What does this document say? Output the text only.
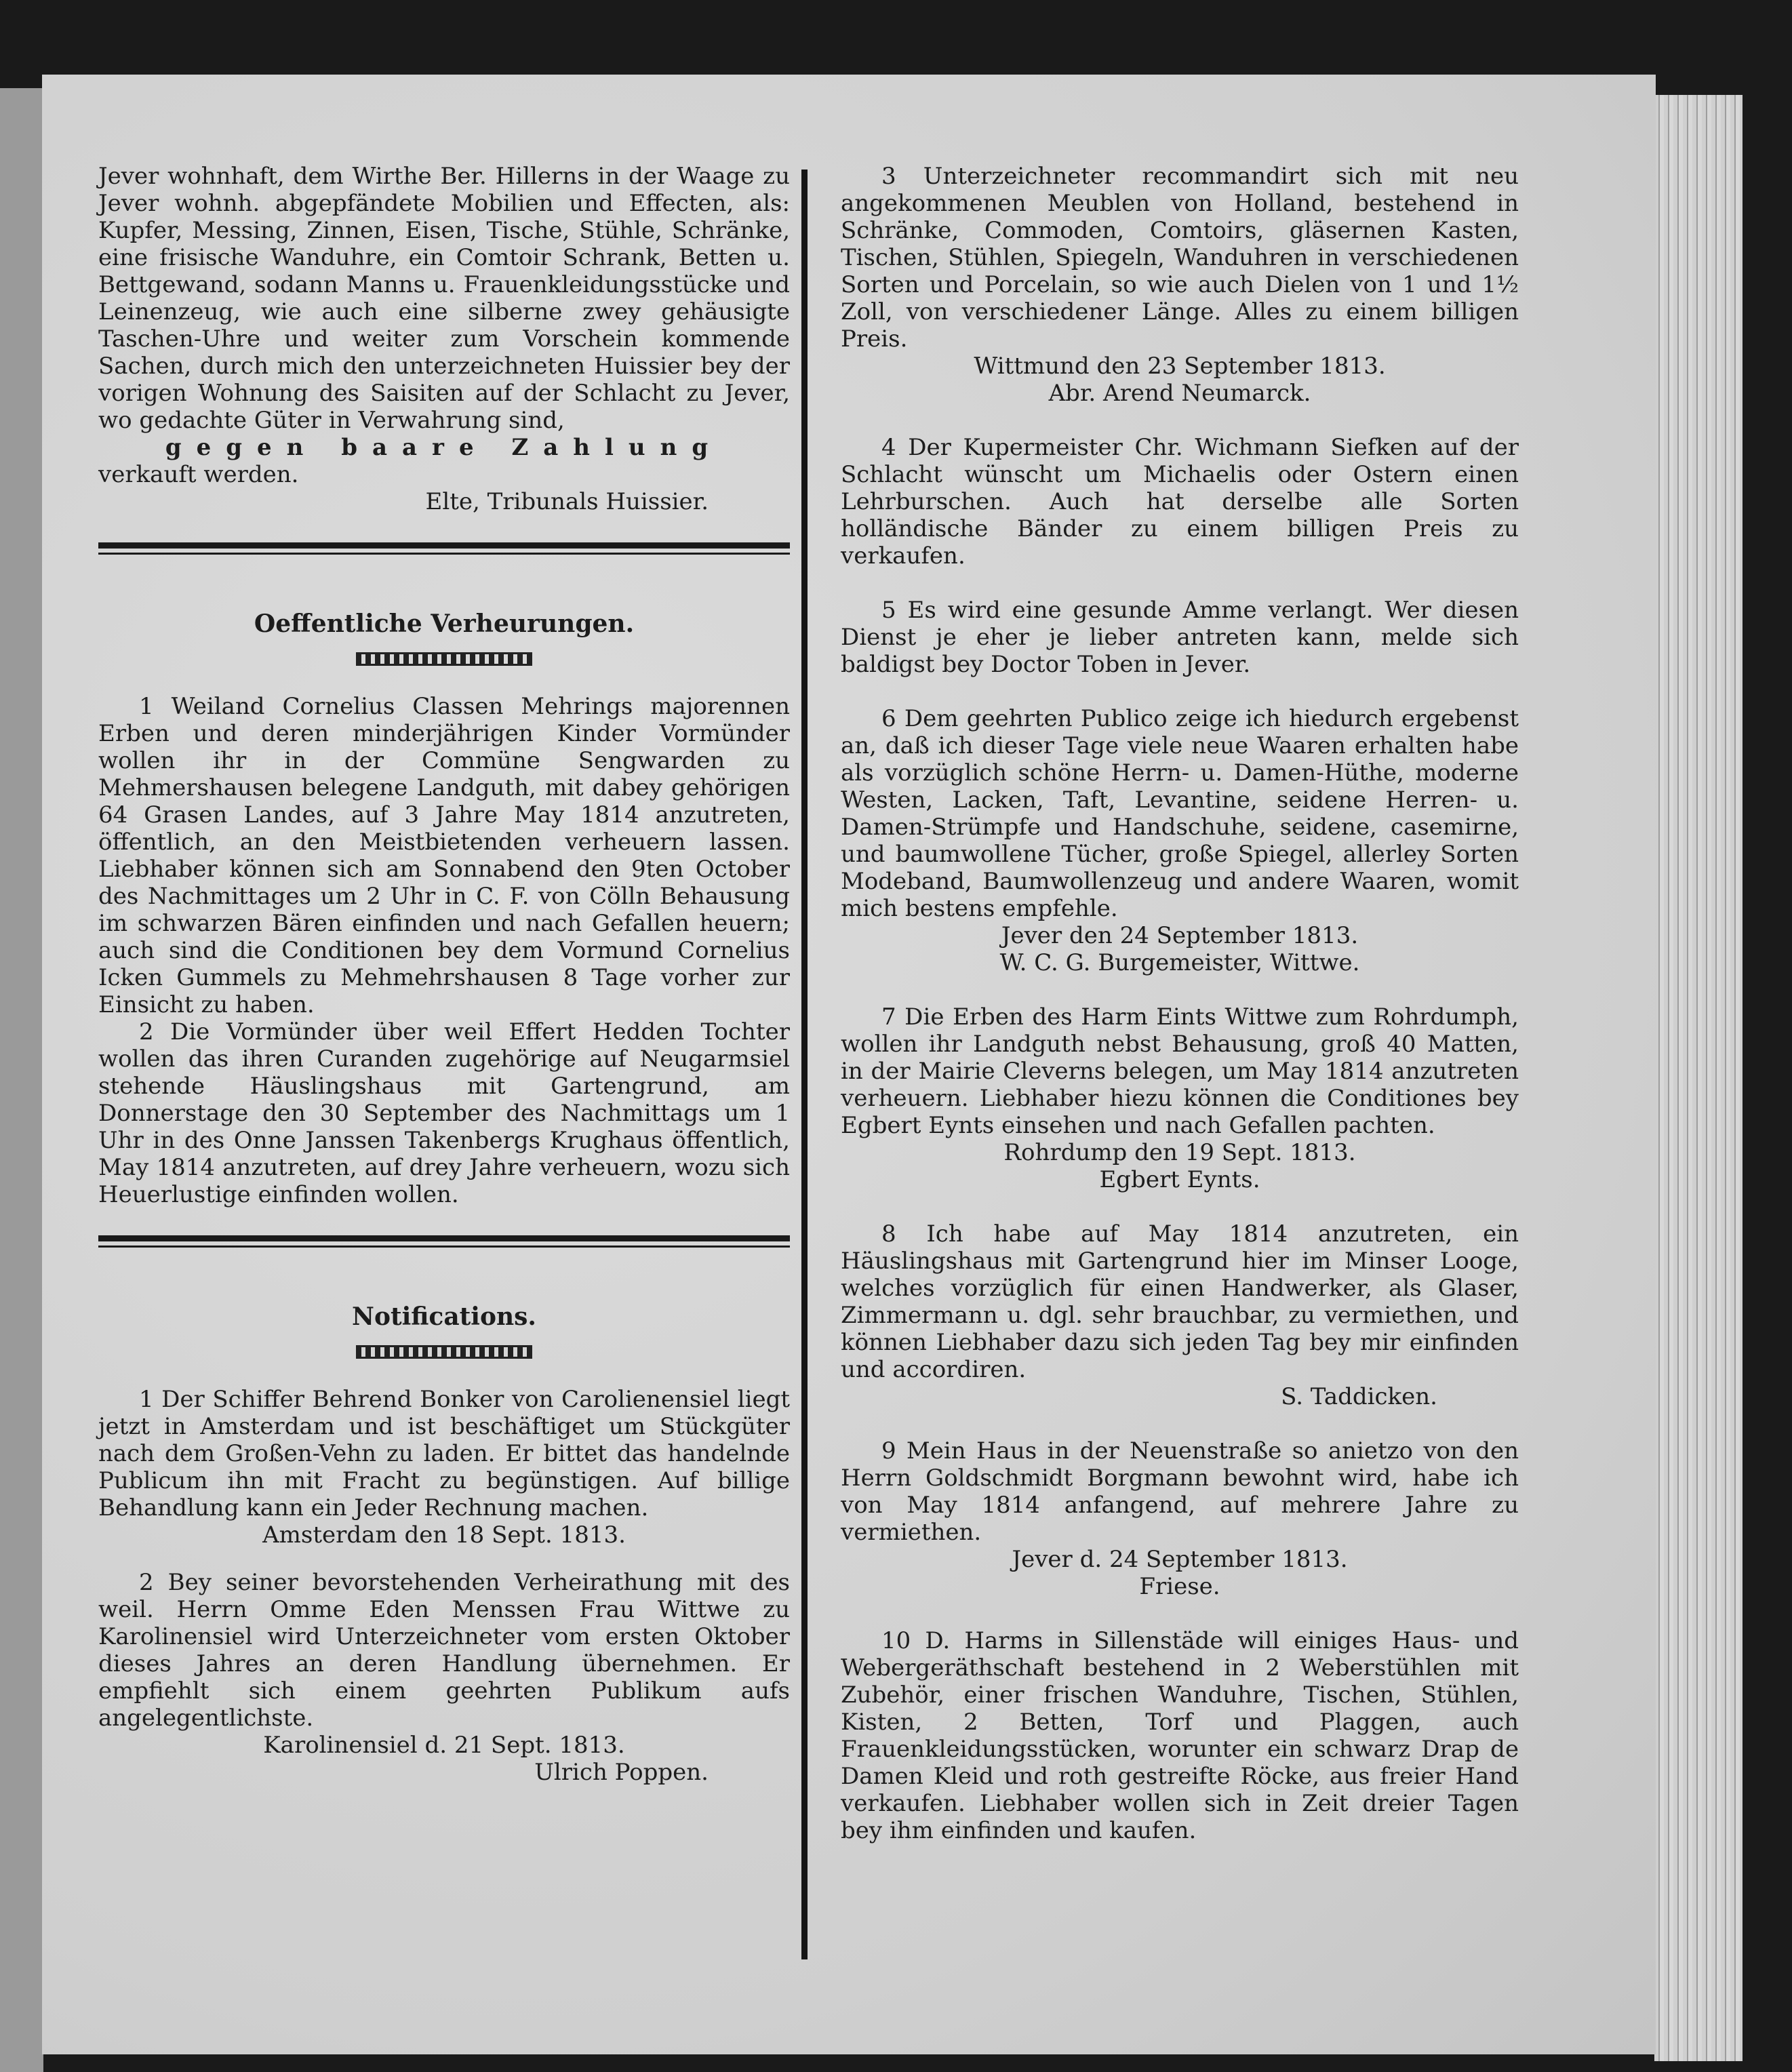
Jever wohnhaft, dem Wirthe Ber. Hillerns in der Waage zu Jever wohnh. abgepfändete Mobilien und Effecten, als: Kupfer, Messing, Zinnen, Eisen, Tische, Stühle, Schränke, eine frisische Wanduhre, ein Comtoir Schrank, Betten u. Bettgewand, sodann Manns u. Frauenkleidungsstücke und Leinenzeug, wie auch eine silberne zwey gehäusigte Taschen-Uhre und weiter zum Vorschein kommende Sachen, durch mich den unterzeichneten Huissier bey der vorigen Wohnung des Saisiten auf der Schlacht zu Jever, wo gedachte Güter in Verwahrung sind,

gegen baare Zahlung

verkauft werden.

Elte, Tribunals Huissier.

Oeffentliche Verheurungen.

1 Weiland Cornelius Classen Mehrings majorennen Erben und deren minderjährigen Kinder Vormünder wollen ihr in der Commüne Sengwarden zu Mehmershausen belegene Landguth, mit dabey gehörigen 64 Grasen Landes, auf 3 Jahre May 1814 anzutreten, öffentlich, an den Meistbietenden verheuern lassen. Liebhaber können sich am Sonnabend den 9ten October des Nachmittages um 2 Uhr in C. F. von Cölln Behausung im schwarzen Bären einfinden und nach Gefallen heuern; auch sind die Conditionen bey dem Vormund Cornelius Icken Gummels zu Mehmehrshausen 8 Tage vorher zur Einsicht zu haben.

2 Die Vormünder über weil Effert Hedden Tochter wollen das ihren Curanden zugehörige auf Neugarmsiel stehende Häuslingshaus mit Gartengrund, am Donnerstage den 30 September des Nachmittags um 1 Uhr in des Onne Janssen Takenbergs Krughaus öffentlich, May 1814 anzutreten, auf drey Jahre verheuern, wozu sich Heuerlustige einfinden wollen.

Notifications.

1 Der Schiffer Behrend Bonker von Carolienensiel liegt jetzt in Amsterdam und ist beschäftiget um Stückgüter nach dem Großen-Vehn zu laden. Er bittet das handelnde Publicum ihn mit Fracht zu begünstigen. Auf billige Behandlung kann ein Jeder Rechnung machen.

Amsterdam den 18 Sept. 1813.

2 Bey seiner bevorstehenden Verheirathung mit des weil. Herrn Omme Eden Menssen Frau Wittwe zu Karolinensiel wird Unterzeichneter vom ersten Oktober dieses Jahres an deren Handlung übernehmen. Er empfiehlt sich einem geehrten Publikum aufs angelegentlichste.

Karolinensiel d. 21 Sept. 1813.

Ulrich Poppen.

3 Unterzeichneter recommandirt sich mit neu angekommenen Meublen von Holland, bestehend in Schränke, Commoden, Comtoirs, gläsernen Kasten, Tischen, Stühlen, Spiegeln, Wanduhren in verschiedenen Sorten und Porcelain, so wie auch Dielen von 1 und 1½ Zoll, von verschiedener Länge. Alles zu einem billigen Preis.

Wittmund den 23 September 1813.

Abr. Arend Neumarck.

4 Der Kupermeister Chr. Wichmann Siefken auf der Schlacht wünscht um Michaelis oder Ostern einen Lehrburschen. Auch hat derselbe alle Sorten holländische Bänder zu einem billigen Preis zu verkaufen.

5 Es wird eine gesunde Amme verlangt. Wer diesen Dienst je eher je lieber antreten kann, melde sich baldigst bey Doctor Toben in Jever.

6 Dem geehrten Publico zeige ich hiedurch ergebenst an, daß ich dieser Tage viele neue Waaren erhalten habe als vorzüglich schöne Herrn- u. Damen-Hüthe, moderne Westen, Lacken, Taft, Levantine, seidene Herren- u. Damen-Strümpfe und Handschuhe, seidene, casemirne, und baumwollene Tücher, große Spiegel, allerley Sorten Modeband, Baumwollenzeug und andere Waaren, womit mich bestens empfehle.

Jever den 24 September 1813.

W. C. G. Burgemeister, Wittwe.

7 Die Erben des Harm Eints Wittwe zum Rohrdumph, wollen ihr Landguth nebst Behausung, groß 40 Matten, in der Mairie Cleverns belegen, um May 1814 anzutreten verheuern. Liebhaber hiezu können die Conditiones bey Egbert Eynts einsehen und nach Gefallen pachten.

Rohrdump den 19 Sept. 1813.

Egbert Eynts.

8 Ich habe auf May 1814 anzutreten, ein Häuslingshaus mit Gartengrund hier im Minser Looge, welches vorzüglich für einen Handwerker, als Glaser, Zimmermann u. dgl. sehr brauchbar, zu vermiethen, und können Liebhaber dazu sich jeden Tag bey mir einfinden und accordiren.

S. Taddicken.

9 Mein Haus in der Neuenstraße so anietzo von den Herrn Goldschmidt Borgmann bewohnt wird, habe ich von May 1814 anfangend, auf mehrere Jahre zu vermiethen.

Jever d. 24 September 1813.

Friese.

10 D. Harms in Sillenstäde will einiges Haus- und Webergeräthschaft bestehend in 2 Weberstühlen mit Zubehör, einer frischen Wanduhre, Tischen, Stühlen, Kisten, 2 Betten, Torf und Plaggen, auch Frauenkleidungsstücken, worunter ein schwarz Drap de Damen Kleid und roth gestreifte Röcke, aus freier Hand verkaufen. Liebhaber wollen sich in Zeit dreier Tagen bey ihm einfinden und kaufen.
